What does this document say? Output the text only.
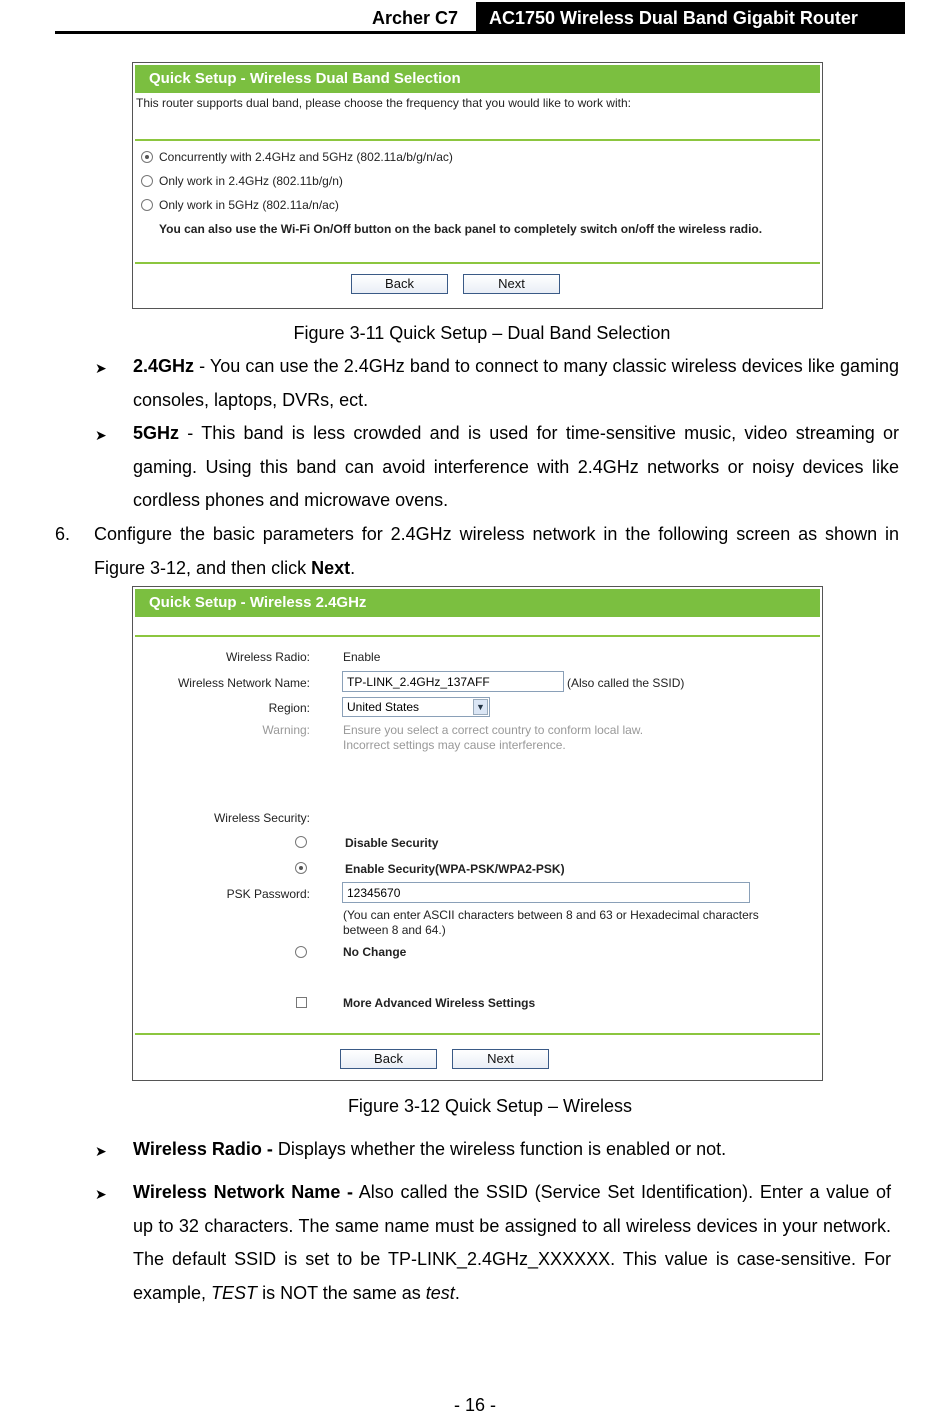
Archer C7	AC1750 Wireless Dual Band Gigabit Router
Quick Setup - Wireless Dual Band Selection
This router supports dual band, please choose the frequency that you would like to work with:
Concurrently with 2.4GHz and 5GHz (802.11a/b/g/n/ac)
Only work in 2.4GHz (802.11b/g/n)
Only work in 5GHz (802.11a/n/ac)
You can also use the Wi-Fi On/Off button on the back panel to completely switch on/off the wireless radio.
Back	Next
Figure 3-11 Quick Setup – Dual Band Selection
➤ 2.4GHz - You can use the 2.4GHz band to connect to many classic wireless devices like gaming consoles, laptops, DVRs, ect.
➤ 5GHz - This band is less crowded and is used for time-sensitive music, video streaming or gaming. Using this band can avoid interference with 2.4GHz networks or noisy devices like cordless phones and microwave ovens.
6. Configure the basic parameters for 2.4GHz wireless network in the following screen as shown in Figure 3-12, and then click Next.
Quick Setup - Wireless 2.4GHz
Wireless Radio:	Enable
Wireless Network Name:	TP-LINK_2.4GHz_137AFF	(Also called the SSID)
Region:	United States	▼
Warning:	Ensure you select a correct country to conform local law.
Incorrect settings may cause interference.
Wireless Security:
Disable Security
Enable Security(WPA-PSK/WPA2-PSK)
PSK Password:	12345670
(You can enter ASCII characters between 8 and 63 or Hexadecimal characters
between 8 and 64.)
No Change
More Advanced Wireless Settings
Back	Next
Figure 3-12 Quick Setup – Wireless
➤ Wireless Radio - Displays whether the wireless function is enabled or not.
➤ Wireless Network Name - Also called the SSID (Service Set Identification). Enter a value of up to 32 characters. The same name must be assigned to all wireless devices in your network. The default SSID is set to be TP-LINK_2.4GHz_XXXXXX. This value is case-sensitive. For example, TEST is NOT the same as test.
- 16 -
